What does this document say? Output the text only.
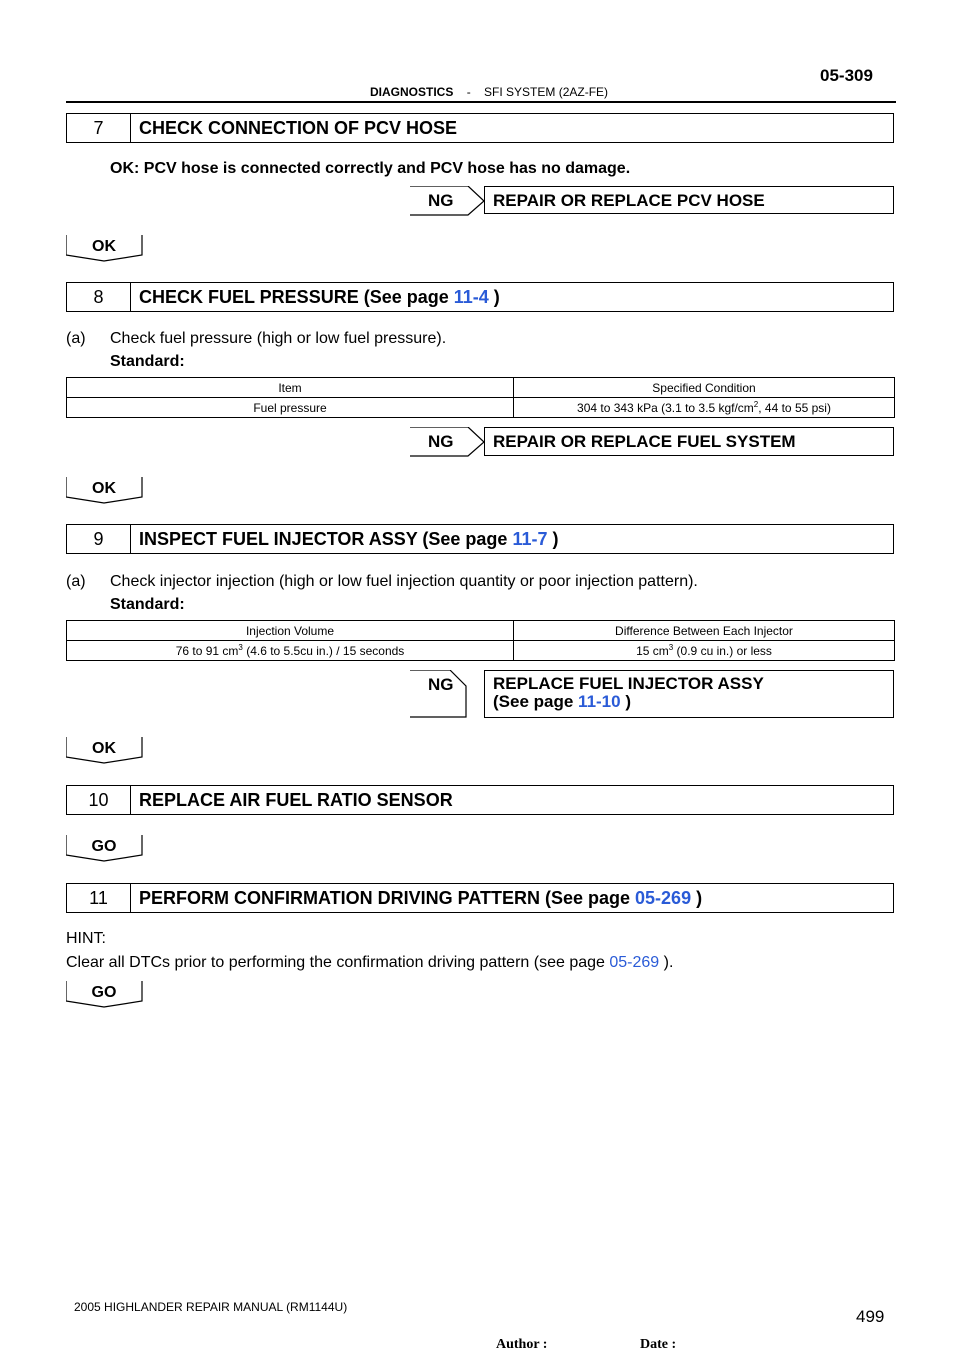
DIAGNOSTICS - SFI SYSTEM (2AZ-FE)
05-309
7	CHECK CONNECTION OF PCV HOSE
OK: PCV hose is connected correctly and PCV hose has no damage.
NG	REPAIR OR REPLACE PCV HOSE
OK
8	CHECK FUEL PRESSURE (See page 11-4 )
(a) Check fuel pressure (high or low fuel pressure).
Standard:
Item	Specified Condition
Fuel pressure	304 to 343 kPa (3.1 to 3.5 kgf/$cm^2$, 44 to 55 psi)
NG	REPAIR OR REPLACE FUEL SYSTEM
OK
9	INSPECT FUEL INJECTOR ASSY (See page 11-7 )
(a) Check injector injection (high or low fuel injection quantity or poor injection pattern).
Standard:
Injection Volume	Difference Between Each Injector
76 to 91 $cm^3$ (4.6 to 5.5cu in.) / 15 seconds	15 $cm^3$ (0.9 cu in.) or less
NG REPLACE FUEL INJECTOR ASSY
(See page 11-10 )
OK
10	REPLACE AIR FUEL RATIO SENSOR
GO
11	PERFORM CONFIRMATION DRIVING PATTERN (See page 05-269 )
HINT:
Clear all DTCs prior to performing the confirmation driving pattern (see page 05-269 ).
GO
2005 HIGHLANDER REPAIR MANUAL (RM1144U)	499
Author :	Date :
